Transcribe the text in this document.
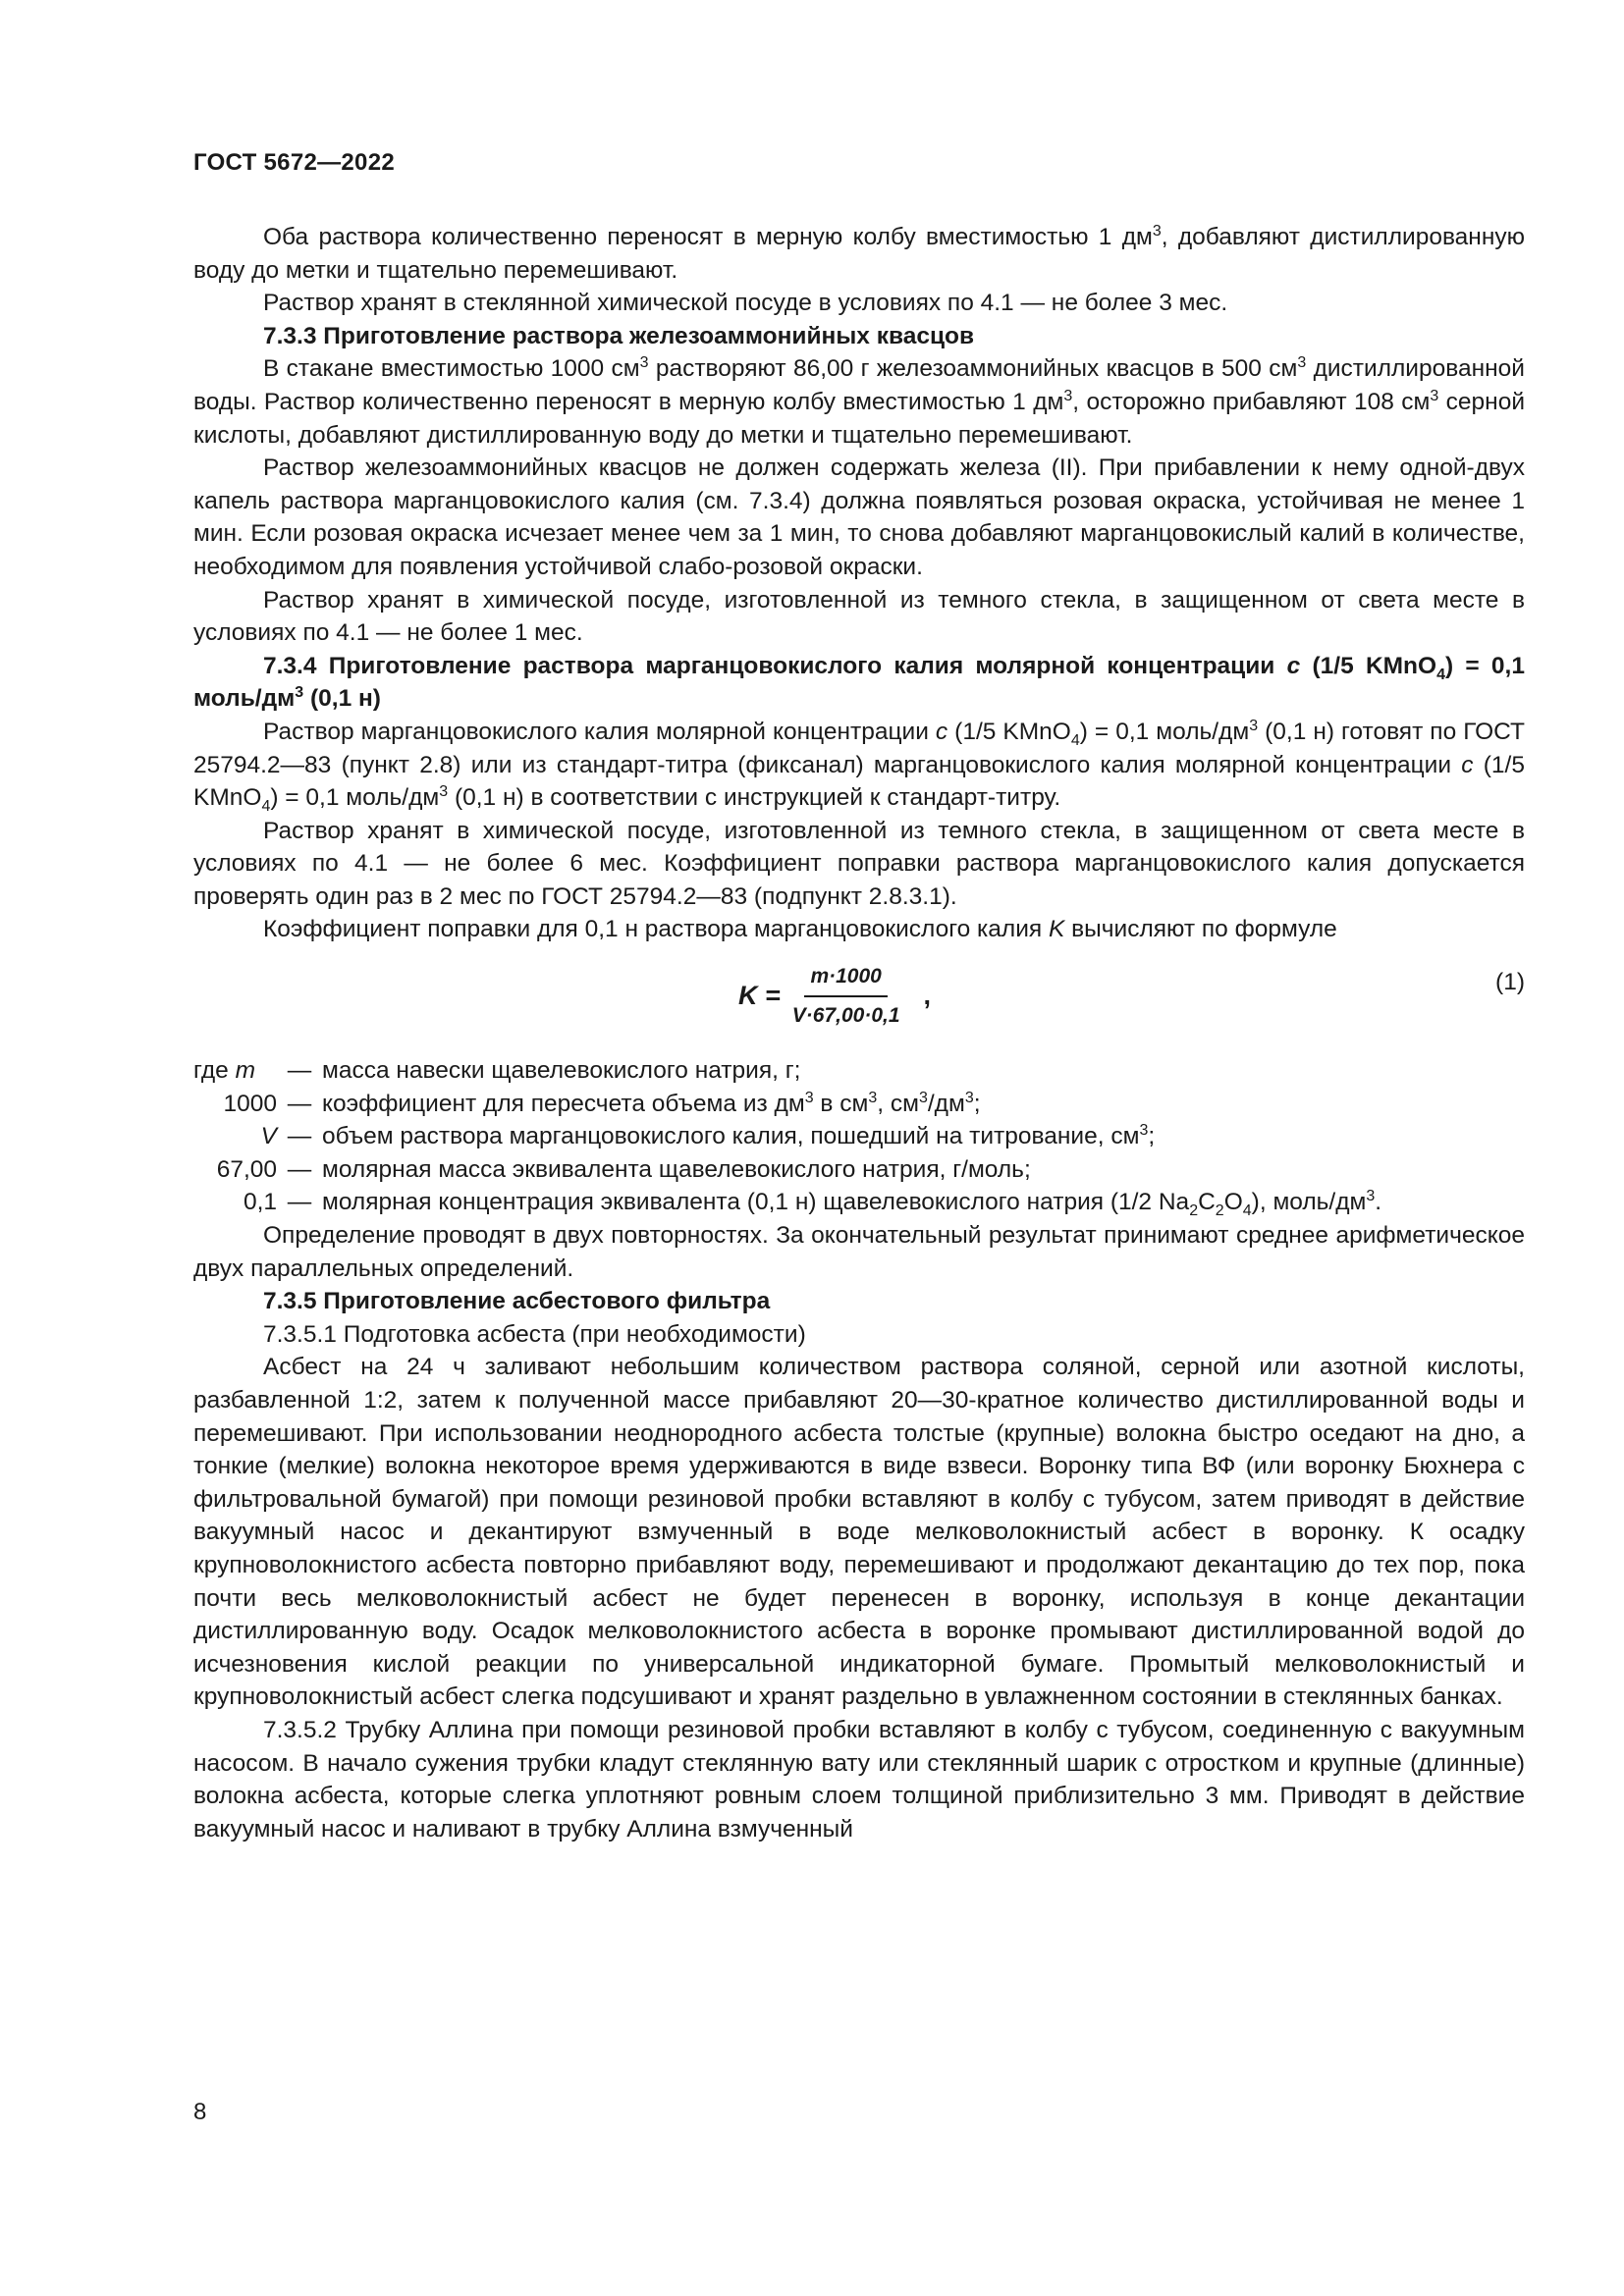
ГОСТ 5672—2022

Оба раствора количественно переносят в мерную колбу вместимостью 1 $дм^3$, добавляют дистиллированную воду до метки и тщательно перемешивают.

Раствор хранят в стеклянной химической посуде в условиях по 4.1 — не более 3 мес.

7.3.3 Приготовление раствора железоаммонийных квасцов

В стакане вместимостью 1000 $см^3$ растворяют 86,00 г железоаммонийных квасцов в 500 $см^3$ дистиллированной воды. Раствор количественно переносят в мерную колбу вместимостью 1 $дм^3$, осторожно прибавляют 108 $см^3$ серной кислоты, добавляют дистиллированную воду до метки и тщательно перемешивают.

Раствор железоаммонийных квасцов не должен содержать железа (II). При прибавлении к нему одной-двух капель раствора марганцовокислого калия (см. 7.3.4) должна появляться розовая окраска, устойчивая не менее 1 мин. Если розовая окраска исчезает менее чем за 1 мин, то снова добавляют марганцовокислый калий в количестве, необходимом для появления устойчивой слабо-розовой окраски.

Раствор хранят в химической посуде, изготовленной из темного стекла, в защищенном от света месте в условиях по 4.1 — не более 1 мес.

7.3.4 Приготовление раствора марганцовокислого калия молярной концентрации c (1/5 KMnO$_4$) = 0,1 моль/$дм^3$ (0,1 н)

Раствор марганцовокислого калия молярной концентрации c (1/5 KMnO$_4$) = 0,1 моль/$дм^3$ (0,1 н) готовят по ГОСТ 25794.2—83 (пункт 2.8) или из стандарт-титра (фиксанал) марганцовокислого калия молярной концентрации c (1/5 KMnO$_4$) = 0,1 моль/$дм^3$ (0,1 н) в соответствии с инструкцией к стандарт-титру.

Раствор хранят в химической посуде, изготовленной из темного стекла, в защищенном от света месте в условиях по 4.1 — не более 6 мес. Коэффициент поправки раствора марганцовокислого калия допускается проверять один раз в 2 мес по ГОСТ 25794.2—83 (подпункт 2.8.3.1).

Коэффициент поправки для 0,1 н раствора марганцовокислого калия K вычисляют по формуле

$K = \frac{m\cdot 1000}{V\cdot 67,00\cdot 0,1}$ ,	(1)
где m	— масса навески щавелевокислого натрия, г;
1000 — коэффициент для пересчета объема из $дм^3$ в $см^3$, $см^3/дм^3$;
V — объем раствора марганцовокислого калия, пошедший на титрование, $см^3$;
67,00 — молярная масса эквивалента щавелевокислого натрия, г/моль;
0,1 — молярная концентрация эквивалента (0,1 н) щавелевокислого натрия (1/2 $Na_2C_2O_4$), моль/$дм^3$.

Определение проводят в двух повторностях. За окончательный результат принимают среднее арифметическое двух параллельных определений.

7.3.5 Приготовление асбестового фильтра

7.3.5.1 Подготовка асбеста (при необходимости)

Асбест на 24 ч заливают небольшим количеством раствора соляной, серной или азотной кислоты, разбавленной 1:2, затем к полученной массе прибавляют 20—30-кратное количество дистиллированной воды и перемешивают. При использовании неоднородного асбеста толстые (крупные) волокна быстро оседают на дно, а тонкие (мелкие) волокна некоторое время удерживаются в виде взвеси. Воронку типа ВФ (или воронку Бюхнера с фильтровальной бумагой) при помощи резиновой пробки вставляют в колбу с тубусом, затем приводят в действие вакуумный насос и декантируют взмученный в воде мелковолокнистый асбест в воронку. К осадку крупноволокнистого асбеста повторно прибавляют воду, перемешивают и продолжают декантацию до тех пор, пока почти весь мелковолокнистый асбест не будет перенесен в воронку, используя в конце декантации дистиллированную воду. Осадок мелковолокнистого асбеста в воронке промывают дистиллированной водой до исчезновения кислой реакции по универсальной индикаторной бумаге. Промытый мелковолокнистый и крупноволокнистый асбест слегка подсушивают и хранят раздельно в увлажненном состоянии в стеклянных банках.

7.3.5.2 Трубку Аллина при помощи резиновой пробки вставляют в колбу с тубусом, соединенную с вакуумным насосом. В начало сужения трубки кладут стеклянную вату или стеклянный шарик с отростком и крупные (длинные) волокна асбеста, которые слегка уплотняют ровным слоем толщиной приблизительно 3 мм. Приводят в действие вакуумный насос и наливают в трубку Аллина взмученный

8
